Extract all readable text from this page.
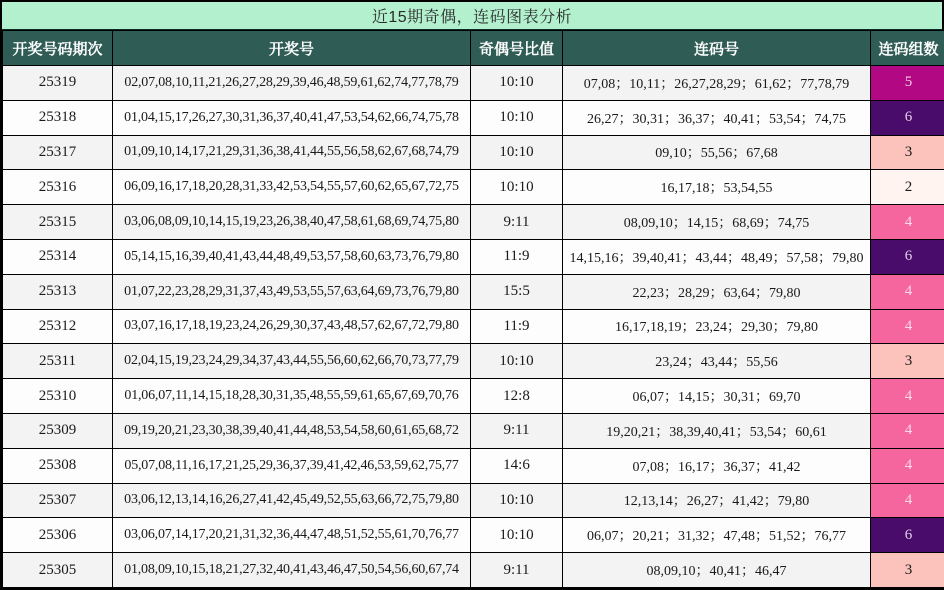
近15期奇偶，连码图表分析
开奖号码期次	开奖号	奇偶号比值	连码号	连码组数
25319	02,07,08,10,11,21,26,27,28,29,39,46,48,59,61,62,74,77,78,79	10:10	07,08；10,11；26,27,28,29；61,62；77,78,79	5
25318	01,04,15,17,26,27,30,31,36,37,40,41,47,53,54,62,66,74,75,78	10:10	26,27；30,31；36,37；40,41；53,54；74,75	6
25317	01,09,10,14,17,21,29,31,36,38,41,44,55,56,58,62,67,68,74,79	10:10	09,10；55,56；67,68	3
25316	06,09,16,17,18,20,28,31,33,42,53,54,55,57,60,62,65,67,72,75	10:10	16,17,18；53,54,55	2
25315	03,06,08,09,10,14,15,19,23,26,38,40,47,58,61,68,69,74,75,80	9:11	08,09,10；14,15；68,69；74,75	4
25314	05,14,15,16,39,40,41,43,44,48,49,53,57,58,60,63,73,76,79,80	11:9	14,15,16；39,40,41；43,44；48,49；57,58；79,80	6
25313	01,07,22,23,28,29,31,37,43,49,53,55,57,63,64,69,73,76,79,80	15:5	22,23；28,29；63,64；79,80	4
25312	03,07,16,17,18,19,23,24,26,29,30,37,43,48,57,62,67,72,79,80	11:9	16,17,18,19；23,24；29,30；79,80	4
25311	02,04,15,19,23,24,29,34,37,43,44,55,56,60,62,66,70,73,77,79	10:10	23,24；43,44；55,56	3
25310	01,06,07,11,14,15,18,28,30,31,35,48,55,59,61,65,67,69,70,76	12:8	06,07；14,15；30,31；69,70	4
25309	09,19,20,21,23,30,38,39,40,41,44,48,53,54,58,60,61,65,68,72	9:11	19,20,21；38,39,40,41；53,54；60,61	4
25308	05,07,08,11,16,17,21,25,29,36,37,39,41,42,46,53,59,62,75,77	14:6	07,08；16,17；36,37；41,42	4
25307	03,06,12,13,14,16,26,27,41,42,45,49,52,55,63,66,72,75,79,80	10:10	12,13,14；26,27；41,42；79,80	4
25306	03,06,07,14,17,20,21,31,32,36,44,47,48,51,52,55,61,70,76,77	10:10	06,07；20,21；31,32；47,48；51,52；76,77	6
25305	01,08,09,10,15,18,21,27,32,40,41,43,46,47,50,54,56,60,67,74	9:11	08,09,10；40,41；46,47	3
